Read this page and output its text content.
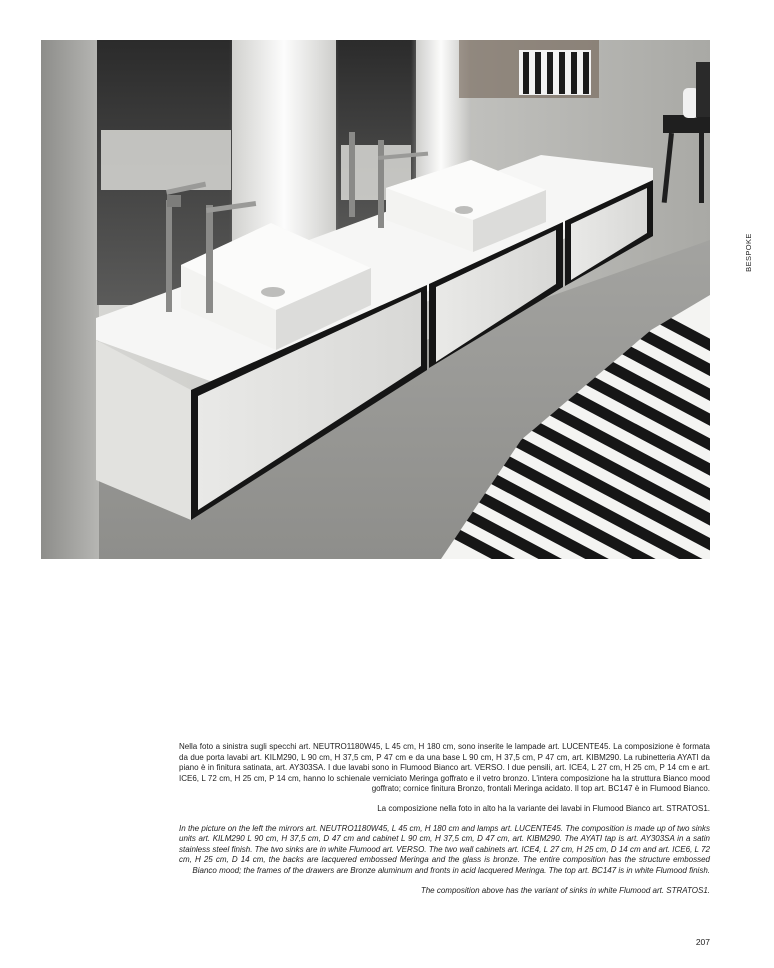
BESPOKE

Nella foto a sinistra sugli specchi art. NEUTRO1180W45, L 45 cm, H 180 cm, sono inserite le lampade art. LUCENTE45. La composizione è formata da due porta lavabi art. KILM290, L 90 cm, H 37,5 cm, P 47 cm e da una base L 90 cm, H 37,5 cm, P 47 cm, art. KIBM290. La rubinetteria AYATI da piano è in finitura satinata, art. AY303SA. I due lavabi sono in Flumood Bianco art. VERSO. I due pensili, art. ICE4, L 27 cm, H 25 cm, P 14 cm e art. ICE6, L 72 cm, H 25 cm, P 14 cm, hanno lo schienale verniciato Meringa goffrato e il vetro bronzo. L'intera composizione ha la struttura Bianco mood goffrato; cornice finitura Bronzo, frontali Meringa acidato. Il top art. BC147 è in Flumood Bianco.

La composizione nella foto in alto ha la variante dei lavabi in Flumood Bianco art. STRATOS1.

In the picture on the left the mirrors art. NEUTRO1180W45, L 45 cm, H 180 cm and lamps art. LUCENTE45. The composition is made up of two sinks units art. KILM290 L 90 cm, H 37,5 cm, D 47 cm and cabinet L 90 cm, H 37,5 cm, D 47 cm, art. KIBM290. The AYATI tap is art. AY303SA in a satin stainless steel finish. The two sinks are in white Flumood art. VERSO. The two wall cabinets art. ICE4, L 27 cm, H 25 cm, D 14 cm and art. ICE6, L 72 cm, H 25 cm, D 14 cm, the backs are lacquered embossed Meringa and the glass is bronze. The entire composition has the structure embossed Bianco mood; the frames of the drawers are Bronze aluminum and fronts in acid lacquered Meringa. The top art. BC147 is in white Flumood finish.

The composition above has the variant of sinks in white Flumood art. STRATOS1.

207
